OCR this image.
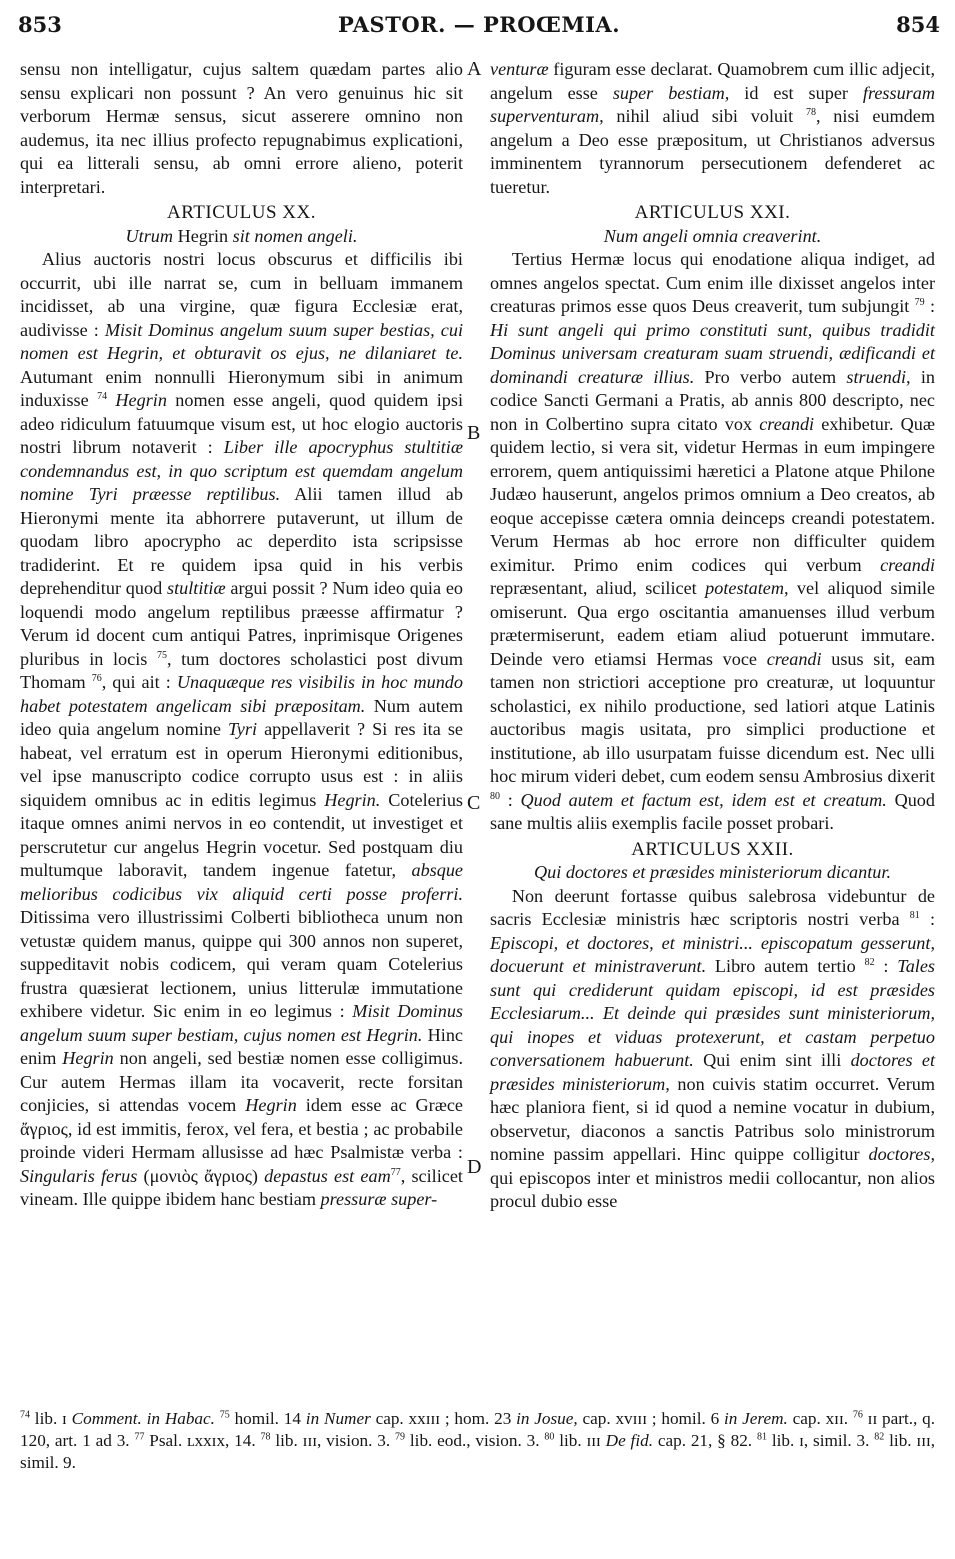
853	PASTOR. — PROŒMIA.	854
A
B
C
D

sensu non intelligatur, cujus saltem quædam partes alio sensu explicari non possunt ? An vero genuinus hic sit verborum Hermæ sensus, sicut asserere omnino non audemus, ita nec illius profecto repugnabimus explicationi, qui ea litterali sensu, ab omni errore alieno, poterit interpretari.

ARTICULUS XX.
Utrum Hegrin sit nomen angeli.

Alius auctoris nostri locus obscurus et difficilis ibi occurrit, ubi ille narrat se, cum in belluam immanem incidisset, ab una virgine, quæ figura Ecclesiæ erat, audivisse : Misit Dominus angelum suum super bestias, cui nomen est Hegrin, et obturavit os ejus, ne dilaniaret te. Autumant enim nonnulli Hieronymum sibi in animum induxisse $^{74}$ Hegrin nomen esse angeli, quod quidem ipsi adeo ridiculum fatuumque visum est, ut hoc elogio auctoris nostri librum notaverit : Liber ille apocryphus stultitiæ condemnandus est, in quo scriptum est quemdam angelum nomine Tyri præesse reptilibus. Alii tamen illud ab Hieronymi mente ita abhorrere putaverunt, ut illum de quodam libro apocrypho ac deperdito ista scripsisse tradiderint. Et re quidem ipsa quid in his verbis deprehenditur quod stultitiæ argui possit ? Num ideo quia eo loquendi modo angelum reptilibus præesse affirmatur ? Verum id docent cum antiqui Patres, inprimisque Origenes pluribus in locis $^{75}$, tum doctores scholastici post divum Thomam $^{76}$, qui ait : Unaquæque res visibilis in hoc mundo habet potestatem angelicam sibi præpositam. Num autem ideo quia angelum nomine Tyri appellaverit ? Si res ita se habeat, vel erratum est in operum Hieronymi editionibus, vel ipse manuscripto codice corrupto usus est : in aliis siquidem omnibus ac in editis legimus Hegrin. Cotelerius itaque omnes animi nervos in eo contendit, ut investiget et perscrutetur cur angelus Hegrin vocetur. Sed postquam diu multumque laboravit, tandem ingenue fatetur, absque melioribus codicibus vix aliquid certi posse proferri. Ditissima vero illustrissimi Colberti bibliotheca unum non vetustæ quidem manus, quippe qui 300 annos non superet, suppeditavit nobis codicem, qui veram quam Cotelerius frustra quæsierat lectionem, unius litterulæ immutatione exhibere videtur. Sic enim in eo legimus : Misit Dominus angelum suum super bestiam, cujus nomen est Hegrin. Hinc enim Hegrin non angeli, sed bestiæ nomen esse colligimus. Cur autem Hermas illam ita vocaverit, recte forsitan conjicies, si attendas vocem Hegrin idem esse ac Græce ἄγριος, id est immitis, ferox, vel fera, et bestia ; ac probabile proinde videri Hermam allusisse ad hæc Psalmistæ verba : Singularis ferus (μονιὸς ἄγριος) depastus est eam$^{77}$, scilicet vineam. Ille quippe ibidem hanc bestiam pressuræ super-

venturæ figuram esse declarat. Quamobrem cum illic adjecit, angelum esse super bestiam, id est super fressuram superventuram, nihil aliud sibi voluit $^{78}$, nisi eumdem angelum a Deo esse præpositum, ut Christianos adversus imminentem tyrannorum persecutionem defenderet ac tueretur.

ARTICULUS XXI.
Num angeli omnia creaverint.

Tertius Hermæ locus qui enodatione aliqua indiget, ad omnes angelos spectat. Cum enim ille dixisset angelos inter creaturas primos esse quos Deus creaverit, tum subjungit $^{79}$ : Hi sunt angeli qui primo constituti sunt, quibus tradidit Dominus universam creaturam suam struendi, ædificandi et dominandi creaturæ illius. Pro verbo autem struendi, in codice Sancti Germani a Pratis, ab annis 800 descripto, nec non in Colbertino supra citato vox creandi exhibetur. Quæ quidem lectio, si vera sit, videtur Hermas in eum impingere errorem, quem antiquissimi hæretici a Platone atque Philone Judæo hauserunt, angelos primos omnium a Deo creatos, ab eoque accepisse cætera omnia deinceps creandi potestatem. Verum Hermas ab hoc errore non difficulter quidem eximitur. Primo enim codices qui verbum creandi repræsentant, aliud, scilicet potestatem, vel aliquod simile omiserunt. Qua ergo oscitantia amanuenses illud verbum prætermiserunt, eadem etiam aliud potuerunt immutare. Deinde vero etiamsi Hermas voce creandi usus sit, eam tamen non strictiori acceptione pro creaturæ, ut loquuntur scholastici, ex nihilo productione, sed latiori atque Latinis auctoribus magis usitata, pro simplici productione et institutione, ab illo usurpatam fuisse dicendum est. Nec ulli hoc mirum videri debet, cum eodem sensu Ambrosius dixerit $^{80}$ : Quod autem et factum est, idem est et creatum. Quod sane multis aliis exemplis facile posset probari.

ARTICULUS XXII.
Qui doctores et præsides ministeriorum dicantur.

Non deerunt fortasse quibus salebrosa videbuntur de sacris Ecclesiæ ministris hæc scriptoris nostri verba $^{81}$ : Episcopi, et doctores, et ministri... episcopatum gesserunt, docuerunt et ministraverunt. Libro autem tertio $^{82}$ : Tales sunt qui crediderunt quidam episcopi, id est præsides Ecclesiarum... Et deinde qui præsides sunt ministeriorum, qui inopes et viduas protexerunt, et castam perpetuo conversationem habuerunt. Qui enim sint illi doctores et præsides ministeriorum, non cuivis statim occurret. Verum hæc planiora fient, si id quod a nemine vocatur in dubium, observetur, diaconos a sanctis Patribus solo ministrorum nomine passim appellari. Hinc quippe colligitur doctores, qui episcopos inter et ministros medii collocantur, non alios procul dubio esse

$^{74}$ lib. ɪ Comment. in Habac. $^{75}$ homil. 14 in Numer cap. xxɪɪɪ ; hom. 23 in Josue, cap. xᴠɪɪɪ ; homil. 6 in Jerem. cap. xɪɪ. $^{76}$ ɪɪ part., q. 120, art. 1 ad 3. $^{77}$ Psal. ʟxxɪx, 14. $^{78}$ lib. ɪɪɪ, vision. 3. $^{79}$ lib. eod., vision. 3. $^{80}$ lib. ɪɪɪ De fid. cap. 21, § 82. $^{81}$ lib. ɪ, simil. 3. $^{82}$ lib. ɪɪɪ, simil. 9.
